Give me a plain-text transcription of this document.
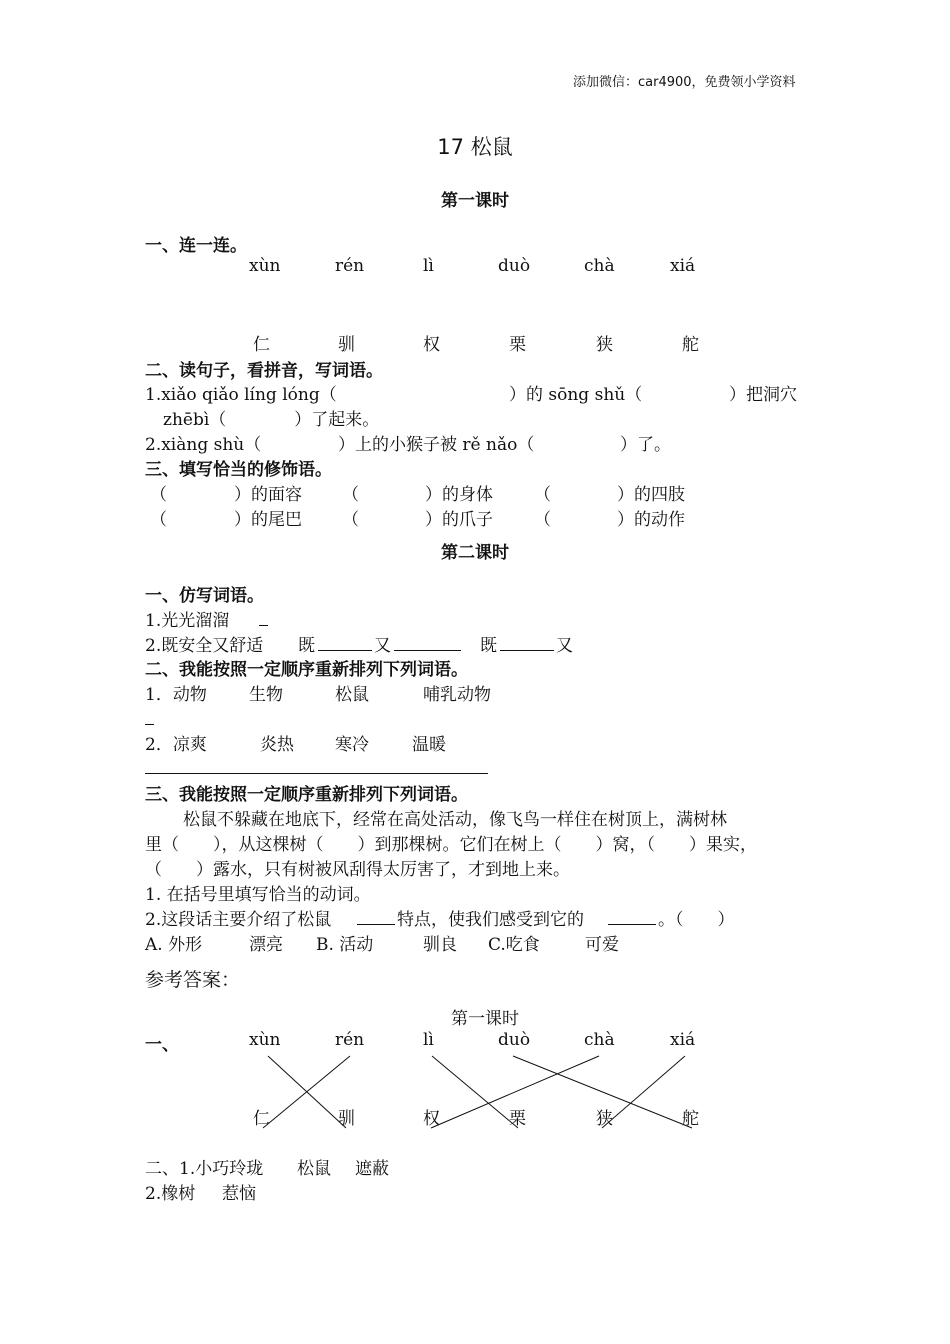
添加微信：car4900，免费领小学资料
17 松鼠
第一课时
一、连一连。
xùn	rén	lì	duò	chà	xiá
仁	驯	权	栗	狭	舵
二、读句子，看拼音，写词语。
1.xiǎo qiǎo líng lóng（	）的 sōng shǔ（	）把洞穴
zhēbì（　　　　）了起来。
2.xiàng shù（	）上的小猴子被 rě nǎo（	）了。
三、填写恰当的修饰语。
（	）的面容 （	）的身体 （	）的四肢
（	）的尾巴 （	）的爪子 （	）的动作
第二课时
一、仿写词语。
1.光光溜溜
2.既安全又舒适 既	又	既	又
二、我能按照一定顺序重新排列下列词语。
1．动物 生物	松鼠	哺乳动物
2．凉爽	炎热 寒冷	温暖
三、我能按照一定顺序重新排列下列词语。
松鼠不躲藏在地底下，经常在高处活动，像飞鸟一样住在树顶上，满树林
里（　　），从这棵树（　　）到那棵树。它们在树上（　　）窝，（　　）果实，
（　　）露水，只有树被风刮得太厉害了，才到地上来。
1. 在括号里填写恰当的动词。
2.这段话主要介绍了松鼠	特点，使我们感受到它的	。（　　）
A. 外形	漂亮 B. 活动	驯良 C.吃食	可爱
参考答案：
第一课时
一、	xùn	rén	lì	duò	chà	xiá
仁	驯	权	栗	狭	舵
二、1.小巧玲珑 松鼠 遮蔽
2.橡树 惹恼
